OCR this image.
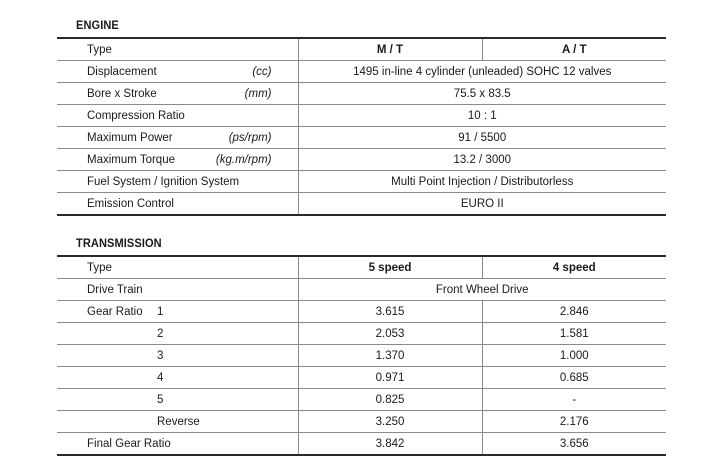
ENGINE
Type	M / T	A / T
Displacement (cc)	1495 in-line 4 cylinder (unleaded) SOHC 12 valves	
Bore x Stroke (mm)	75.5 x 83.5	
Compression Ratio	10 : 1	
Maximum Power (ps/rpm)	91 / 5500	
Maximum Torque (kg.m/rpm)	13.2 / 3000	
Fuel System / Ignition System	Multi Point Injection / Distributorless	
Emission Control	EURO II	
TRANSMISSION
Type	5 speed	4 speed
Drive Train	Front Wheel Drive	
Gear Ratio 1	3.615	2.846

2	2.053	1.581

3	1.370	1.000

4	0.971	0.685

5	0.825	-

Reverse	3.250	2.176
Final Gear Ratio	3.842	3.656
